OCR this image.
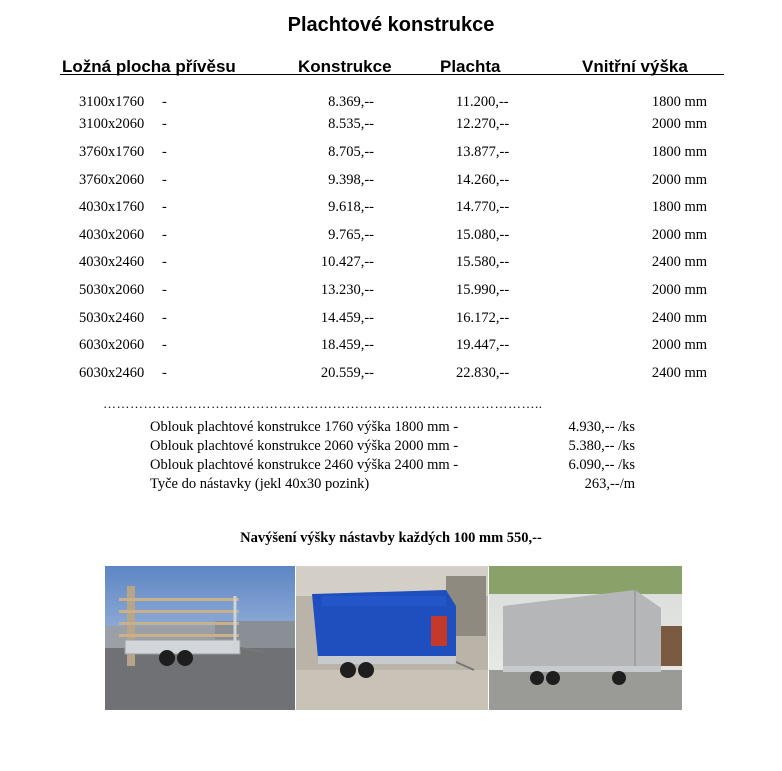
Plachtové konstrukce
Ložná plocha přívěsu	Konstrukce	Plachta	Vnitřní výška
3100x1760 -	8.369,--	11.200,--	1800 mm
3100x2060 -	8.535,--	12.270,--	2000 mm
3760x1760 -	8.705,--	13.877,--	1800 mm
3760x2060 -	9.398,--	14.260,--	2000 mm
4030x1760 -	9.618,--	14.770,--	1800 mm
4030x2060 -	9.765,--	15.080,--	2000 mm
4030x2460 -	10.427,--	15.580,--	2400 mm
5030x2060 -	13.230,--	15.990,--	2000 mm
5030x2460 -	14.459,--	16.172,--	2400 mm
6030x2060 -	18.459,--	19.447,--	2000 mm
6030x2460 -	20.559,--	22.830,--	2400 mm
……………………………………………………………………………………..
Oblouk plachtové konstrukce 1760 výška 1800 mm -	4.930,-- /ks
Oblouk plachtové konstrukce 2060 výška 2000 mm -	5.380,-- /ks
Oblouk plachtové konstrukce 2460 výška 2400 mm -	6.090,-- /ks
Tyče do nástavky (jekl 40x30 pozink)	263,--/m
Navýšení výšky nástavby každých 100 mm 550,--
